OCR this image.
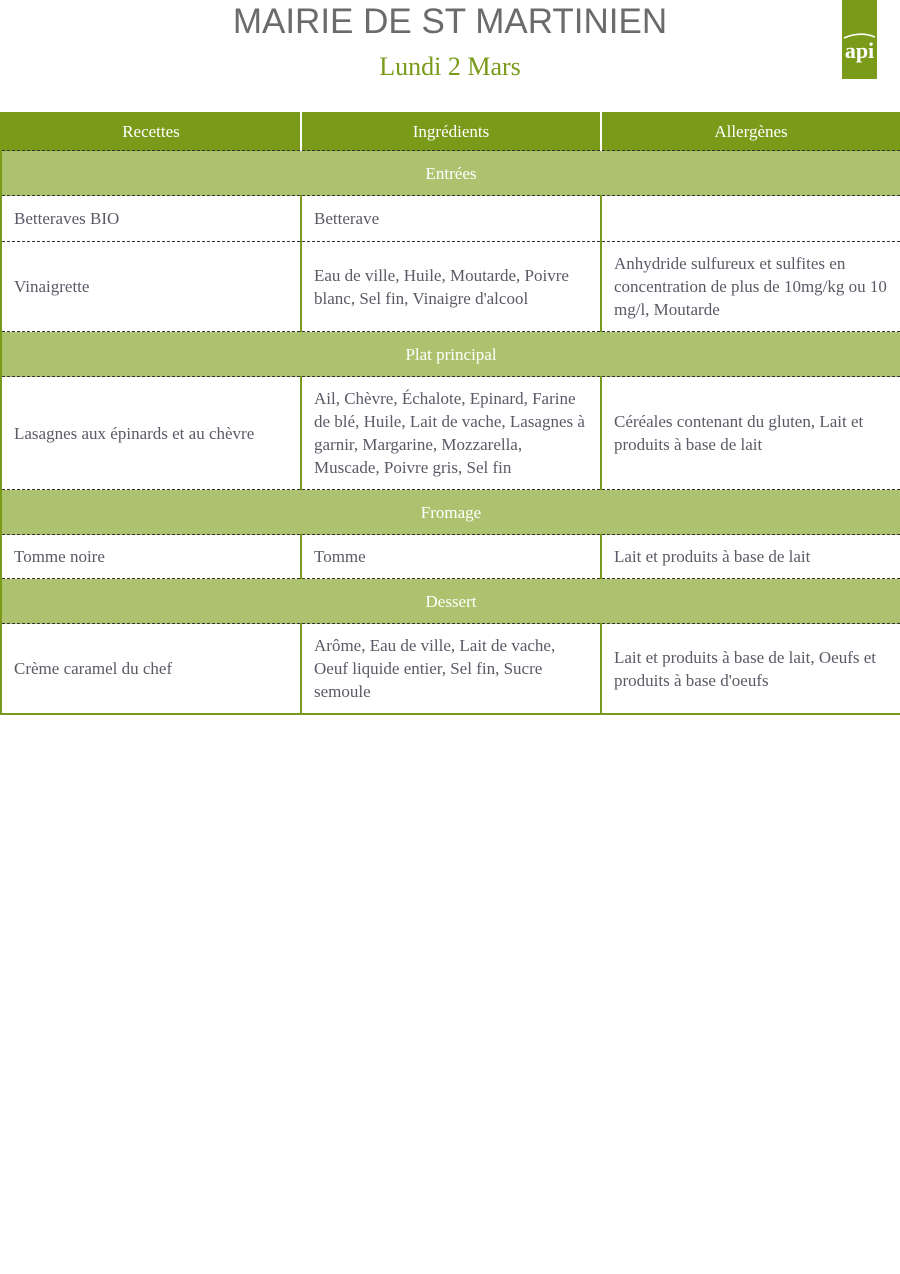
MAIRIE DE ST MARTINIEN
Lundi 2 Mars
api
Recettes	Ingrédients	Allergènes
Entrées		
Betteraves BIO	Betterave	
Vinaigrette	Eau de ville, Huile, Moutarde, Poivre blanc, Sel fin, Vinaigre d'alcool	Anhydride sulfureux et sulfites en concentration de plus de 10mg/kg ou 10 mg/l, Moutarde
Plat principal		
Lasagnes aux épinards et au chèvre	Ail, Chèvre, Échalote, Epinard, Farine de blé, Huile, Lait de vache, Lasagnes à garnir, Margarine, Mozzarella, Muscade, Poivre gris, Sel fin	Céréales contenant du gluten, Lait et produits à base de lait
Fromage		
Tomme noire	Tomme	Lait et produits à base de lait
Dessert		
Crème caramel du chef	Arôme, Eau de ville, Lait de vache, Oeuf liquide entier, Sel fin, Sucre semoule	Lait et produits à base de lait, Oeufs et produits à base d'oeufs
